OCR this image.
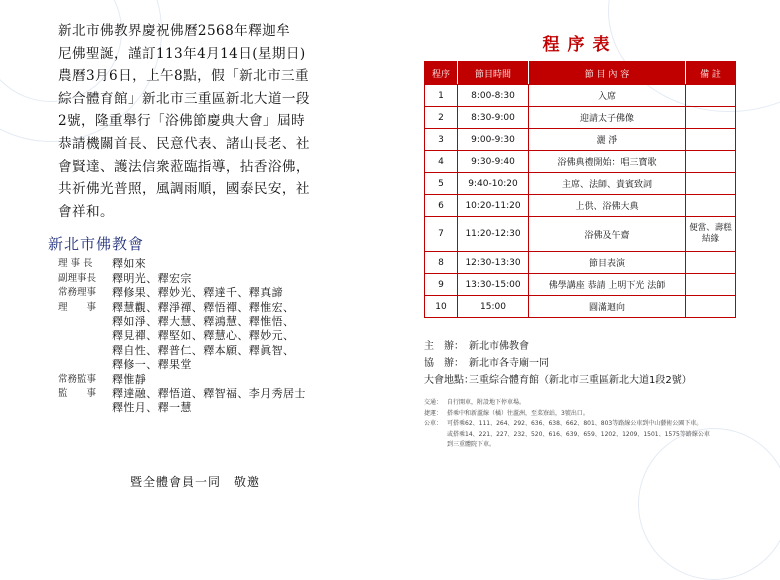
新北市佛教界慶祝佛曆2568年釋迦牟
尼佛聖誕，謹訂113年4月14日(星期日)
農曆3月6日，上午8點，假「新北市三重
綜合體育館」新北市三重區新北大道一段
2號，隆重舉行「浴佛節慶典大會」屆時
恭請機關首長、民意代表、諸山長老、社
會賢達、護法信衆蒞臨指導，拈香浴佛，
共祈佛光普照，風調雨順，國泰民安，社
會祥和。
新北市佛教會
理 事 長	釋如來
副理事長	釋明光、釋宏宗
常務理事	釋修果、釋妙光、釋達千、釋真諦
理　　事	釋慧觀、釋淨禪、釋悟禪、釋惟宏、
釋如淨、釋大慧、釋鴻慧、釋惟悟、
釋見禪、釋堅如、釋慧心、釋妙元、
釋自性、釋普仁、釋本願、釋眞智、
釋修一、釋果堂
常務監事	釋惟靜
監　　事	釋達融、釋悟道、釋智福、李月秀居士
釋性月、釋一慧
暨全體會員一同　敬邀
程序表
程序	節目時間	節 目 內 容	備 註
1	8:00-8:30	入席	
2	8:30-9:00	迎請太子佛像	
3	9:00-9:30	灑 淨	
4	9:30-9:40	浴佛典禮開始：唱三寶歌	
5	9:40-10:20	主席、法師、貴賓致詞	
6	10:20-11:20	上供、浴佛大典	
7	11:20-12:30	浴佛及午齋	便當、壽糕結緣
8	12:30-13:30	節目表演	
9	13:30-15:00	佛學講座 恭請 上明下光 法師	
10	15:00	圓滿迴向	
主　辦： 新北市佛教會
協　辦： 新北市各寺廟一同
大會地點：三重綜合體育館（新北市三重區新北大道1段2號）
交通： 自行開車，附設地下停車場。
捷運： 搭乘中和新蘆線（橘）往蘆洲，至菜寮站，3號出口。
公車： 可搭乘62、111、264、292、636、638、662、801、803等路線公車到中山藝術公園下車。
或搭乘14、221、227、232、520、616、639、659、1202、1209、1501、1575等路線公車
到三重體院下車。
